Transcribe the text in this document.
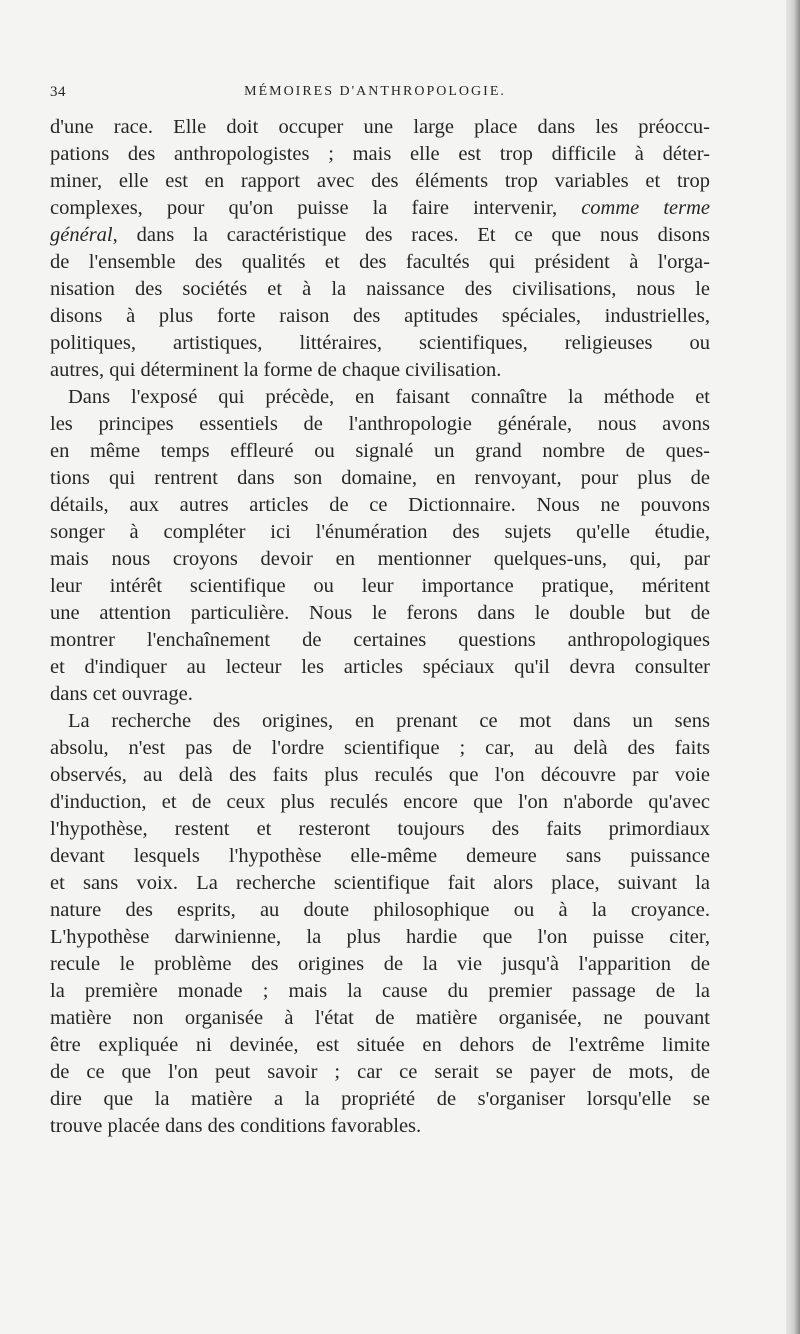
34	MÉMOIRES D'ANTHROPOLOGIE.
d'une race. Elle doit occuper une large place dans les préoccu-
pations des anthropologistes ; mais elle est trop difficile à déter-
miner, elle est en rapport avec des éléments trop variables et trop
complexes, pour qu'on puisse la faire intervenir, comme terme
général, dans la caractéristique des races. Et ce que nous disons
de l'ensemble des qualités et des facultés qui président à l'orga-
nisation des sociétés et à la naissance des civilisations, nous le
disons à plus forte raison des aptitudes spéciales, industrielles,
politiques, artistiques, littéraires, scientifiques, religieuses ou
autres, qui déterminent la forme de chaque civilisation.
Dans l'exposé qui précède, en faisant connaître la méthode et
les principes essentiels de l'anthropologie générale, nous avons
en même temps effleuré ou signalé un grand nombre de ques-
tions qui rentrent dans son domaine, en renvoyant, pour plus de
détails, aux autres articles de ce Dictionnaire. Nous ne pouvons
songer à compléter ici l'énumération des sujets qu'elle étudie,
mais nous croyons devoir en mentionner quelques-uns, qui, par
leur intérêt scientifique ou leur importance pratique, méritent
une attention particulière. Nous le ferons dans le double but de
montrer l'enchaînement de certaines questions anthropologiques
et d'indiquer au lecteur les articles spéciaux qu'il devra consulter
dans cet ouvrage.
La recherche des origines, en prenant ce mot dans un sens
absolu, n'est pas de l'ordre scientifique ; car, au delà des faits
observés, au delà des faits plus reculés que l'on découvre par voie
d'induction, et de ceux plus reculés encore que l'on n'aborde qu'avec
l'hypothèse, restent et resteront toujours des faits primordiaux
devant lesquels l'hypothèse elle-même demeure sans puissance
et sans voix. La recherche scientifique fait alors place, suivant la
nature des esprits, au doute philosophique ou à la croyance.
L'hypothèse darwinienne, la plus hardie que l'on puisse citer,
recule le problème des origines de la vie jusqu'à l'apparition de
la première monade ; mais la cause du premier passage de la
matière non organisée à l'état de matière organisée, ne pouvant
être expliquée ni devinée, est située en dehors de l'extrême limite
de ce que l'on peut savoir ; car ce serait se payer de mots, de
dire que la matière a la propriété de s'organiser lorsqu'elle se
trouve placée dans des conditions favorables.
